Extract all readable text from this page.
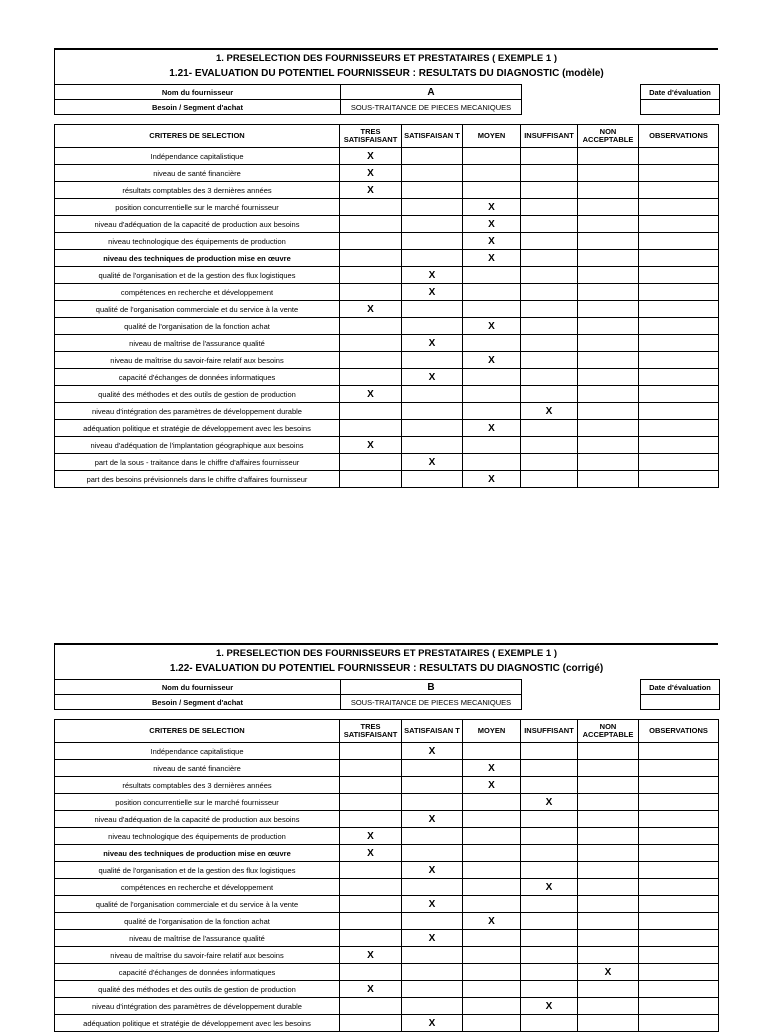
1. PRESELECTION DES FOURNISSEURS ET PRESTATAIRES ( EXEMPLE 1 )
1.21- EVALUATION DU POTENTIEL FOURNISSEUR : RESULTATS DU DIAGNOSTIC (modèle)
Nom du fournisseur	A		Date d'évaluation
Besoin / Segment d'achat	SOUS-TRAITANCE DE PIECES MECANIQUES		
CRITERES DE SELECTION	TRES SATISFAISANT	SATISFAISAN T	MOYEN	INSUFFISANT	NON ACCEPTABLE	OBSERVATIONS
Indépendance capitalistique	X					
niveau de santé financière	X					
résultats comptables des 3 dernières années	X					
position concurrentielle sur le marché fournisseur			X			
niveau d'adéquation de la capacité de production aux besoins			X			
niveau technologique des équipements de production			X			
niveau des techniques de production mise en œuvre			X			
qualité de l'organisation et de la gestion des flux logistiques		X				
compétences en recherche et développement		X				
qualité de l'organisation commerciale et du service à la vente	X					
qualité de l'organisation de la fonction achat			X			
niveau de maîtrise de l'assurance qualité		X				
niveau de maîtrise du savoir-faire relatif aux besoins			X			
capacité d'échanges de données informatiques		X				
qualité des méthodes et des outils de gestion de production	X					
niveau d'intégration des paramètres de développement durable				X		
adéquation politique et stratégie de développement avec les besoins			X			
niveau d'adéquation de l'implantation géographique aux besoins	X					
part de la sous - traitance dans le chiffre d'affaires fournisseur		X				
part des besoins prévisionnels dans le chiffre d'affaires fournisseur			X			
1. PRESELECTION DES FOURNISSEURS ET PRESTATAIRES ( EXEMPLE 1 )
1.22- EVALUATION DU POTENTIEL FOURNISSEUR : RESULTATS DU DIAGNOSTIC (corrigé)
Nom du fournisseur	B		Date d'évaluation
Besoin / Segment d'achat	SOUS-TRAITANCE DE PIECES MECANIQUES		
CRITERES DE SELECTION	TRES SATISFAISANT	SATISFAISAN T	MOYEN	INSUFFISANT	NON ACCEPTABLE	OBSERVATIONS
Indépendance capitalistique		X				
niveau de santé financière			X			
résultats comptables des 3 dernières années			X			
position concurrentielle sur le marché fournisseur				X		
niveau d'adéquation de la capacité de production aux besoins		X				
niveau technologique des équipements de production	X					
niveau des techniques de production mise en œuvre	X					
qualité de l'organisation et de la gestion des flux logistiques		X				
compétences en recherche et développement				X		
qualité de l'organisation commerciale et du service à la vente		X				
qualité de l'organisation de la fonction achat			X			
niveau de maîtrise de l'assurance qualité		X				
niveau de maîtrise du savoir-faire relatif aux besoins	X					
capacité d'échanges de données informatiques					X	
qualité des méthodes et des outils de gestion de production	X					
niveau d'intégration des paramètres de développement durable				X		
adéquation politique et stratégie de développement avec les besoins		X				
